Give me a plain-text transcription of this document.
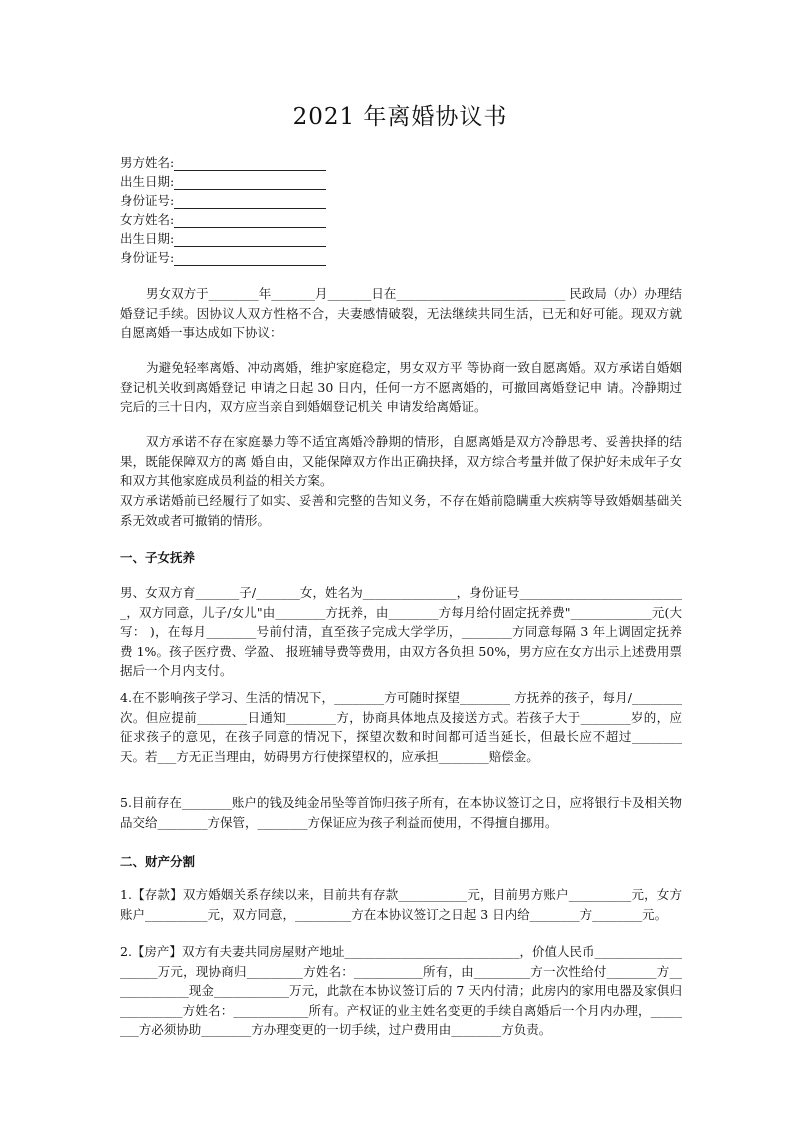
2021 年离婚协议书
男方姓名:
出生日期:
身份证号:
女方姓名:
出生日期:
身份证号:
男女双方于________年_______月_______日在___________________________ 民政局（办）办理结婚登记手续。因协议人双方性格不合，夫妻感情破裂，无法继续共同生活，已无和好可能。现双方就自愿离婚一事达成如下协议：
为避免轻率离婚、冲动离婚，维护家庭稳定，男女双方平 等协商一致自愿离婚。双方承诺自婚姻登记机关收到离婚登记 申请之日起 30 日内，任何一方不愿离婚的，可撤回离婚登记申 请。冷静期过完后的三十日内，双方应当亲自到婚姻登记机关 申请发给离婚证。
双方承诺不存在家庭暴力等不适宜离婚冷静期的情形，自愿离婚是双方冷静思考、妥善抉择的结果，既能保障双方的离 婚自由，又能保障双方作出正确抉择，双方综合考量并做了保护好未成年子女和双方其他家庭成员利益的相关方案。
双方承诺婚前已经履行了如实、妥善和完整的告知义务，不存在婚前隐瞒重大疾病等导致婚姻基础关系无效或者可撤销的情形。
一、子女抚养
男、女双方育_______子/_______女，姓名为_______________，身份证号___________________________，双方同意，儿子/女儿"由________方抚养，由________方每月给付固定抚养费"_____________元(大写： )，在每月________号前付清，直至孩子完成大学学历，________方同意每隔 3 年上调固定抚养费 1%。孩子医疗费、学盈、 报班辅导费等费用，由双方各负担 50%，男方应在女方出示上述费用票据后一个月内支付。
4.在不影响孩子学习、生活的情况下，________方可随时探望________ 方抚养的孩子，每月/________次。但应提前________日通知________方，协商具体地点及接送方式。若孩子大于________岁的，应征求孩子的意见，在孩子同意的情况下，探望次数和时间都可适当延长，但最长应不超过________天。若___方无正当理由，妨碍男方行使探望权的，应承担________赔偿金。
5.目前存在________账户的钱及纯金吊坠等首饰归孩子所有，在本协议签订之日，应将银行卡及相关物品交给________方保管，________方保证应为孩子利益而使用，不得擅自挪用。
二、财产分割
1.【存款】双方婚姻关系存续以来，目前共有存款___________元，目前男方账户__________元，女方账户__________元，双方同意，_________方在本协议签订之日起 3 日内给________方________元。
2.【房产】双方有夫妻共同房屋财产地址____________________________，价值人民币____________________万元，现协商归_________方姓名：___________所有，由_________方一次性给付________方_____________现金____________万元，此款在本协议签订后的 7 天内付清；此房内的家用电器及家俱归__________方姓名：____________所有。产权证的业主姓名变更的手续自离婚后一个月内办理，________方必须协助________方办理变更的一切手续，过户费用由________方负责。
